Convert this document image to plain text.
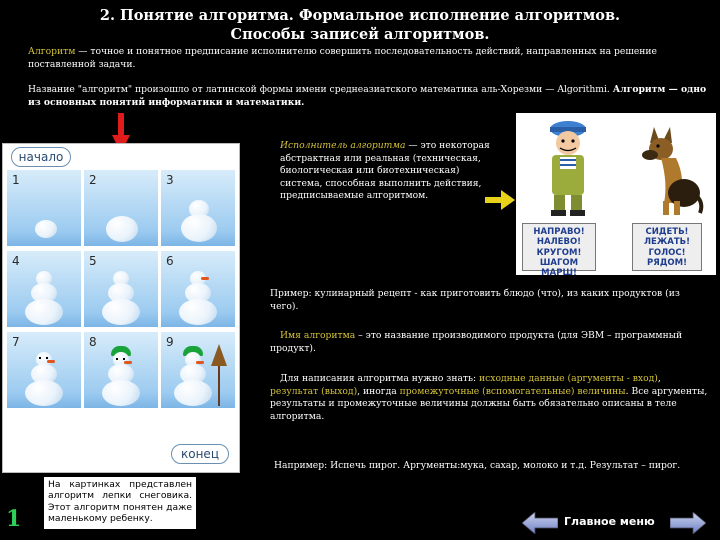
2. Понятие алгоритма. Формальное исполнение алгоритмов.
Способы записей алгоритмов.
Алгоритм — точное и понятное предписание исполнителю совершить последовательность действий, направленных на решение поставленной задачи.
Название "алгоритм" произошло от латинской формы имени среднеазиатского математика аль-Хорезми — Algorithmi. Алгоритм — одно из основных понятий информатики и математики.
начало
1	2	3
4	5	6
7	8	9
конец
На картинках представлен алгоритм лепки снеговика. Этот алгоритм понятен даже маленькому ребенку.
1
Исполнитель алгоритма — это некоторая абстрактная или реальная (техническая, биологическая или биотехническая) система, способная выполнить действия, предписываемые алгоритмом.
НАПРАВО! НАЛЕВО! КРУГОМ! ШАГОМ МАРШ!
СИДЕТЬ! ЛЕЖАТЬ! ГОЛОС! РЯДОМ!
Пример: кулинарный рецепт - как приготовить блюдо (что), из каких продуктов (из чего).
Имя алгоритма – это название производимого продукта (для ЭВМ – программный продукт).
Для написания алгоритма нужно знать: исходные данные (аргументы - вход), результат (выход), иногда промежуточные (вспомогательные) величины. Все аргументы, результаты и промежуточные величины должны быть обязательно описаны в теле алгоритма.
Например: Испечь пирог. Аргументы:мука, сахар, молоко и т.д. Результат – пирог.
Главное меню
